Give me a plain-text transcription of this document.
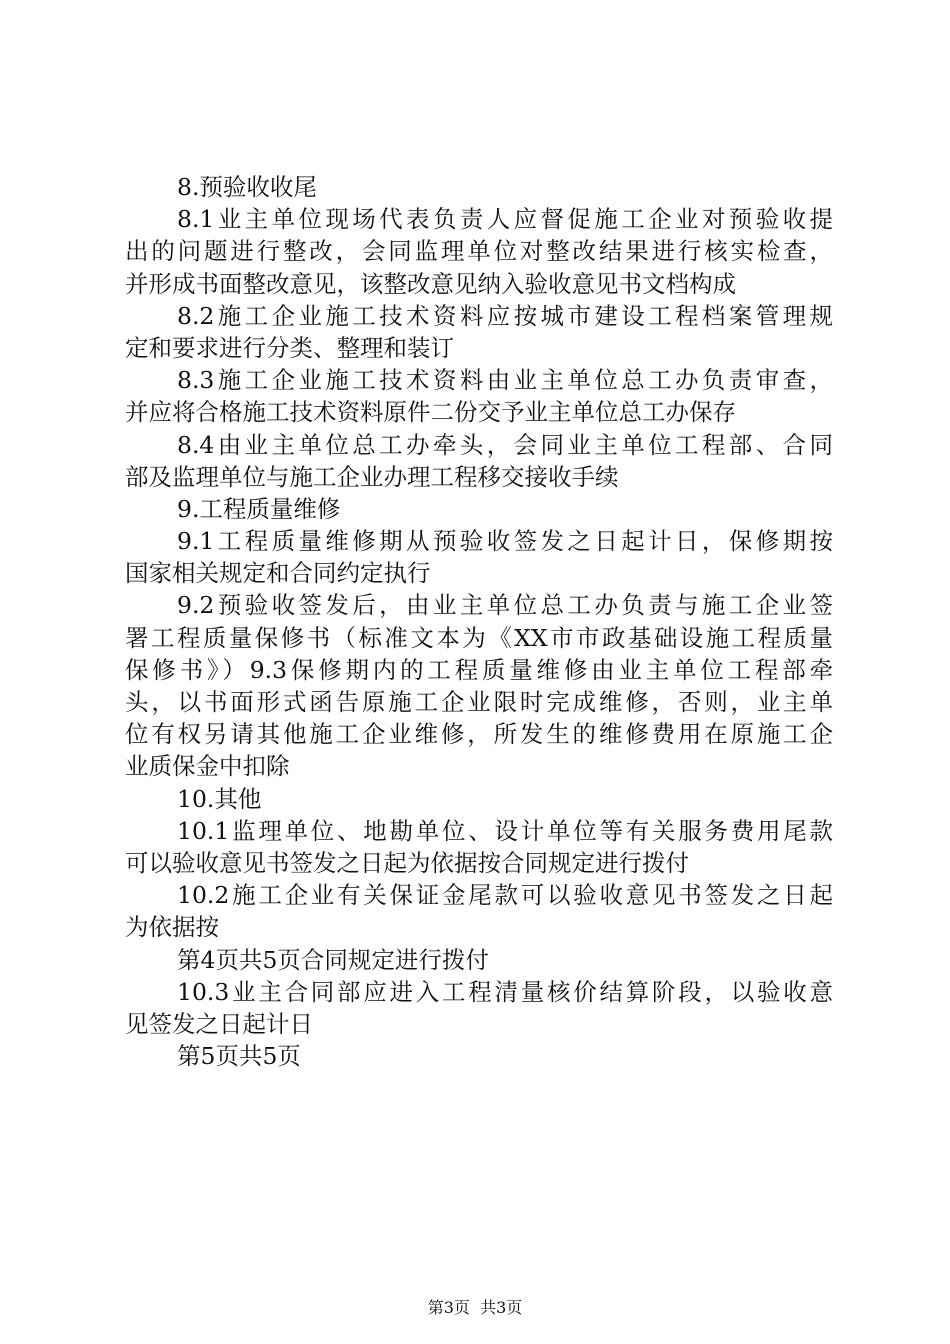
8.预验收收尾
8.1业主单位现场代表负责人应督促施工企业对预验收提
出的问题进行整改，会同监理单位对整改结果进行核实检查，
并形成书面整改意见，该整改意见纳入验收意见书文档构成
8.2施工企业施工技术资料应按城市建设工程档案管理规
定和要求进行分类、整理和装订
8.3施工企业施工技术资料由业主单位总工办负责审查，
并应将合格施工技术资料原件二份交予业主单位总工办保存
8.4由业主单位总工办牵头，会同业主单位工程部、合同
部及监理单位与施工企业办理工程移交接收手续
9.工程质量维修
9.1工程质量维修期从预验收签发之日起计日，保修期按
国家相关规定和合同约定执行
9.2预验收签发后，由业主单位总工办负责与施工企业签
署工程质量保修书（标准文本为《XX市市政基础设施工程质量
保修书》）9.3保修期内的工程质量维修由业主单位工程部牵
头，以书面形式函告原施工企业限时完成维修，否则，业主单
位有权另请其他施工企业维修，所发生的维修费用在原施工企
业质保金中扣除
10.其他
10.1监理单位、地勘单位、设计单位等有关服务费用尾款
可以验收意见书签发之日起为依据按合同规定进行拨付
10.2施工企业有关保证金尾款可以验收意见书签发之日起
为依据按
第4页共5页合同规定进行拨付
10.3业主合同部应进入工程清量核价结算阶段，以验收意
见签发之日起计日
第5页共5页
第3页  共3页
